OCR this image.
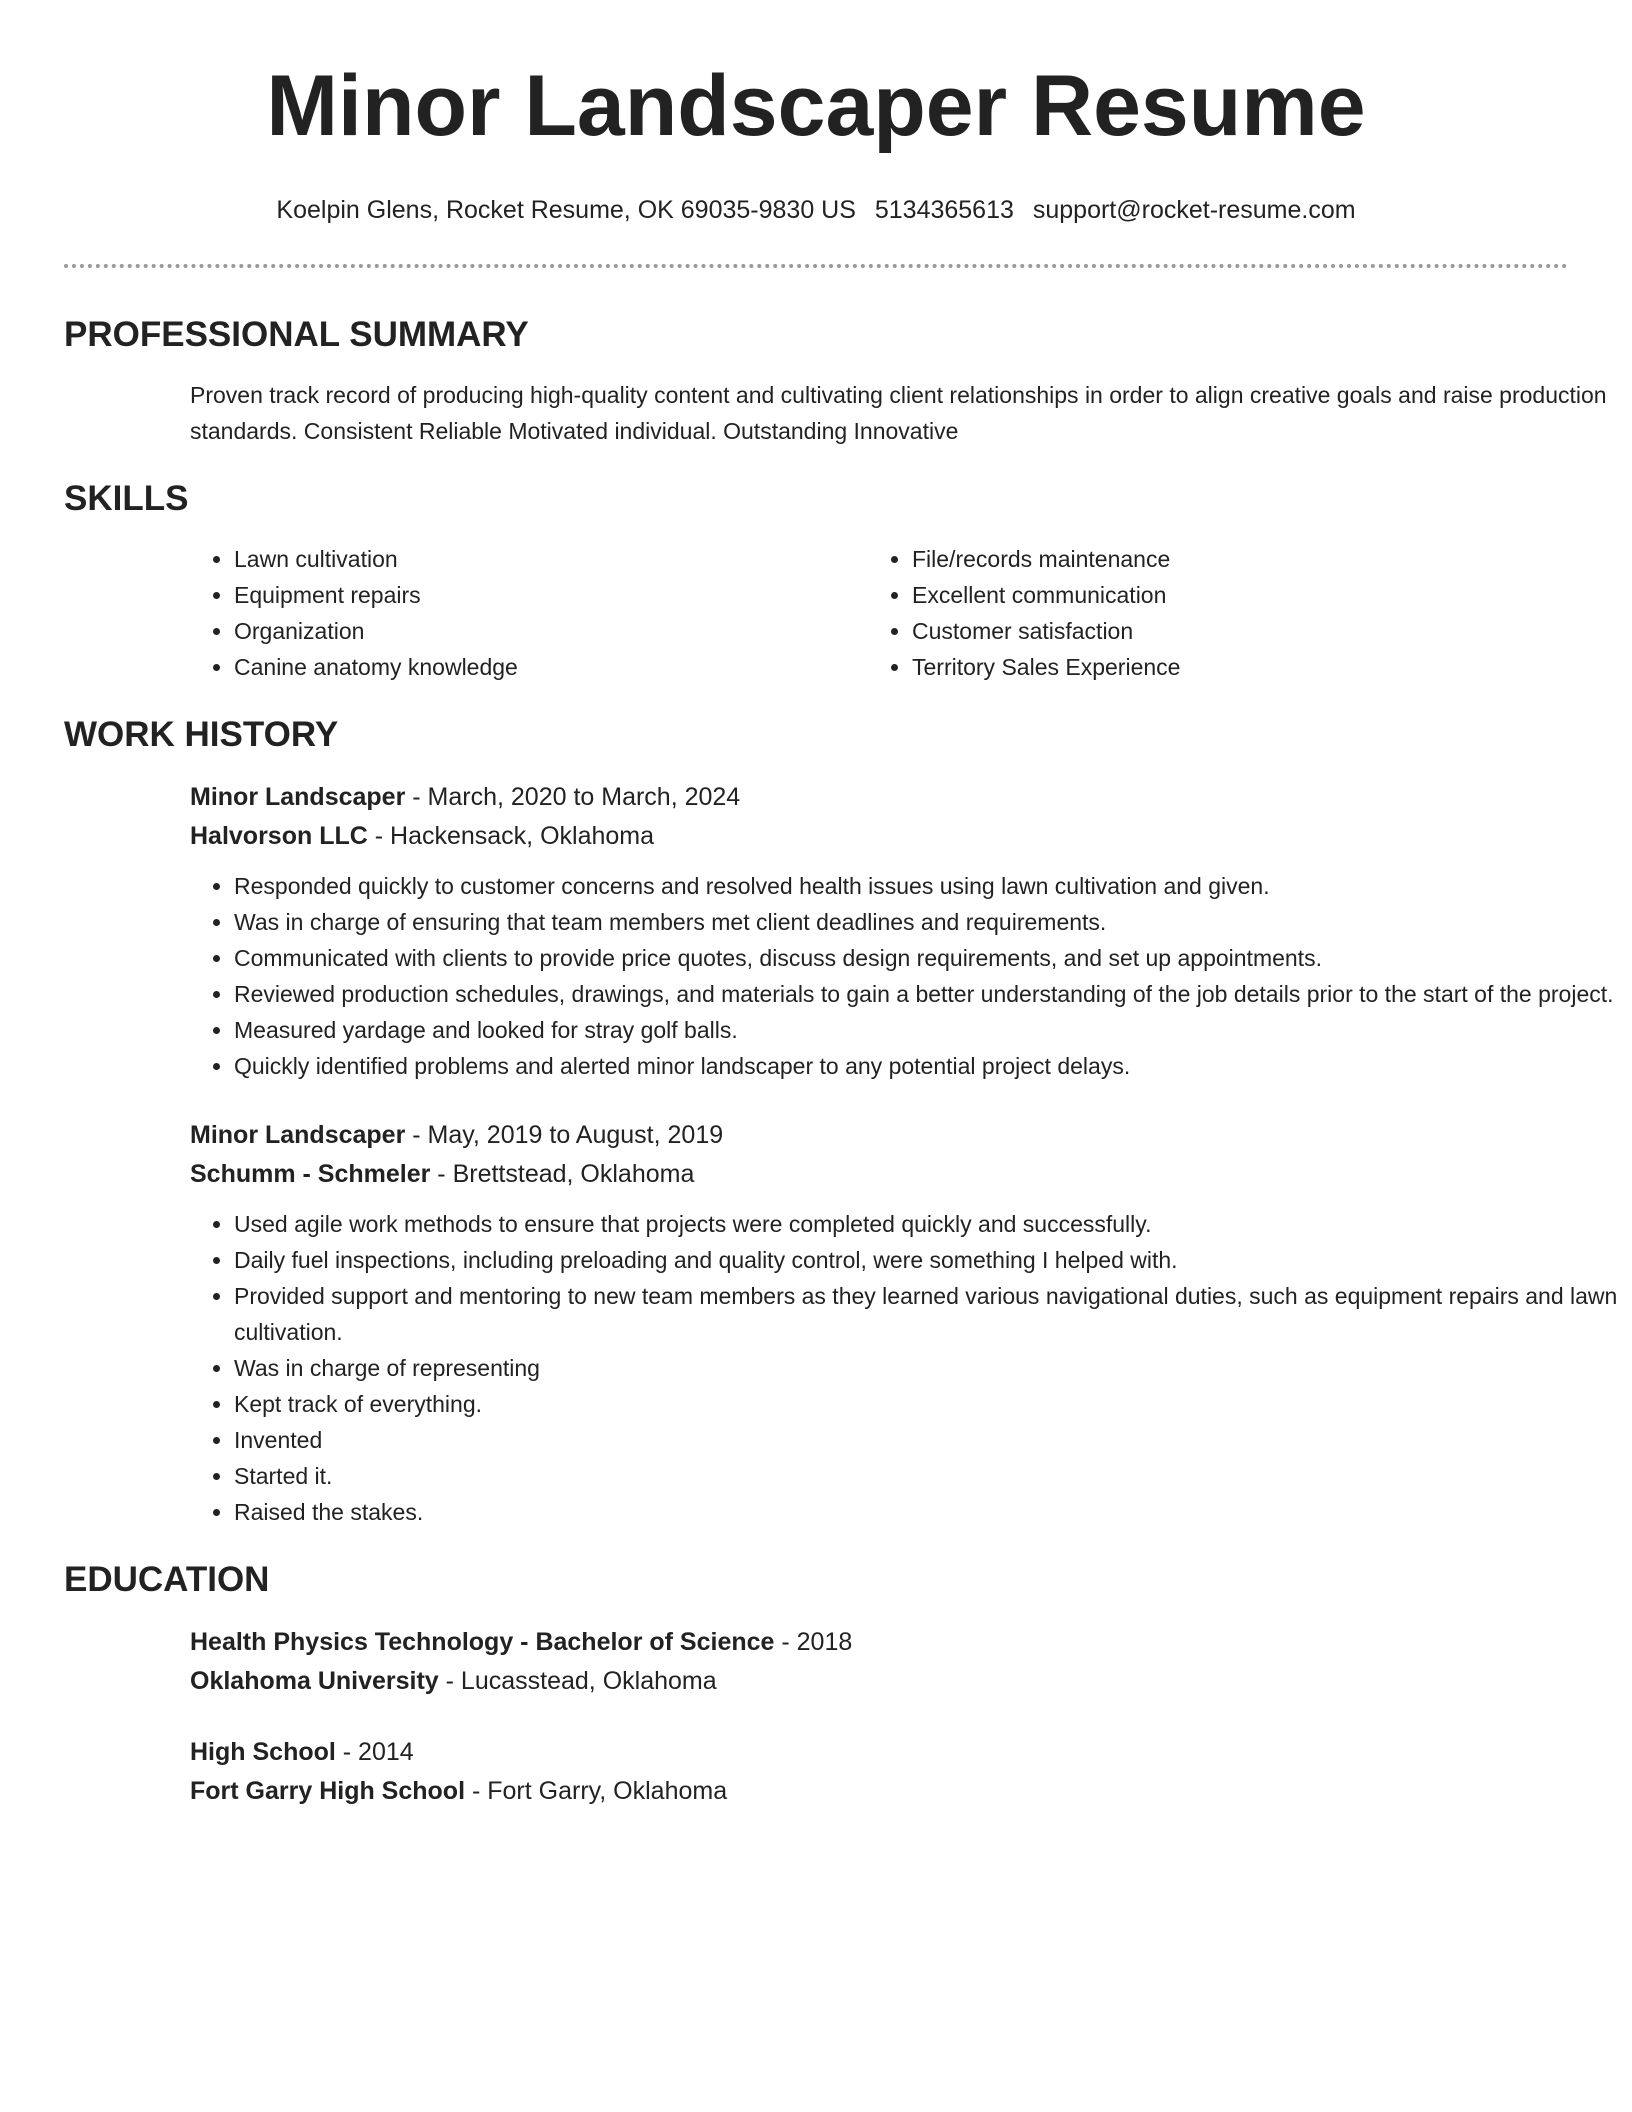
Minor Landscaper Resume
Koelpin Glens, Rocket Resume, OK 69035-9830 US 5134365613 support@rocket-resume.com
PROFESSIONAL SUMMARY

Proven track record of producing high-quality content and cultivating client relationships in order to align creative goals and raise production standards. Consistent Reliable Motivated individual. Outstanding Innovative

SKILLS
• Lawn cultivation
• Equipment repairs
• Organization
• Canine anatomy knowledge
• File/records maintenance
• Excellent communication
• Customer satisfaction
• Territory Sales Experience
WORK HISTORY
Minor Landscaper - March, 2020 to March, 2024
Halvorson LLC - Hackensack, Oklahoma
• Responded quickly to customer concerns and resolved health issues using lawn cultivation and given.
• Was in charge of ensuring that team members met client deadlines and requirements.
• Communicated with clients to provide price quotes, discuss design requirements, and set up appointments.
• Reviewed production schedules, drawings, and materials to gain a better understanding of the job details prior to the start of the project.
• Measured yardage and looked for stray golf balls.
• Quickly identified problems and alerted minor landscaper to any potential project delays.
Minor Landscaper - May, 2019 to August, 2019
Schumm - Schmeler - Brettstead, Oklahoma
• Used agile work methods to ensure that projects were completed quickly and successfully.
• Daily fuel inspections, including preloading and quality control, were something I helped with.
• Provided support and mentoring to new team members as they learned various navigational duties, such as equipment repairs and lawn cultivation.
• Was in charge of representing
• Kept track of everything.
• Invented
• Started it.
• Raised the stakes.
EDUCATION
Health Physics Technology - Bachelor of Science - 2018
Oklahoma University - Lucasstead, Oklahoma
High School - 2014
Fort Garry High School - Fort Garry, Oklahoma
